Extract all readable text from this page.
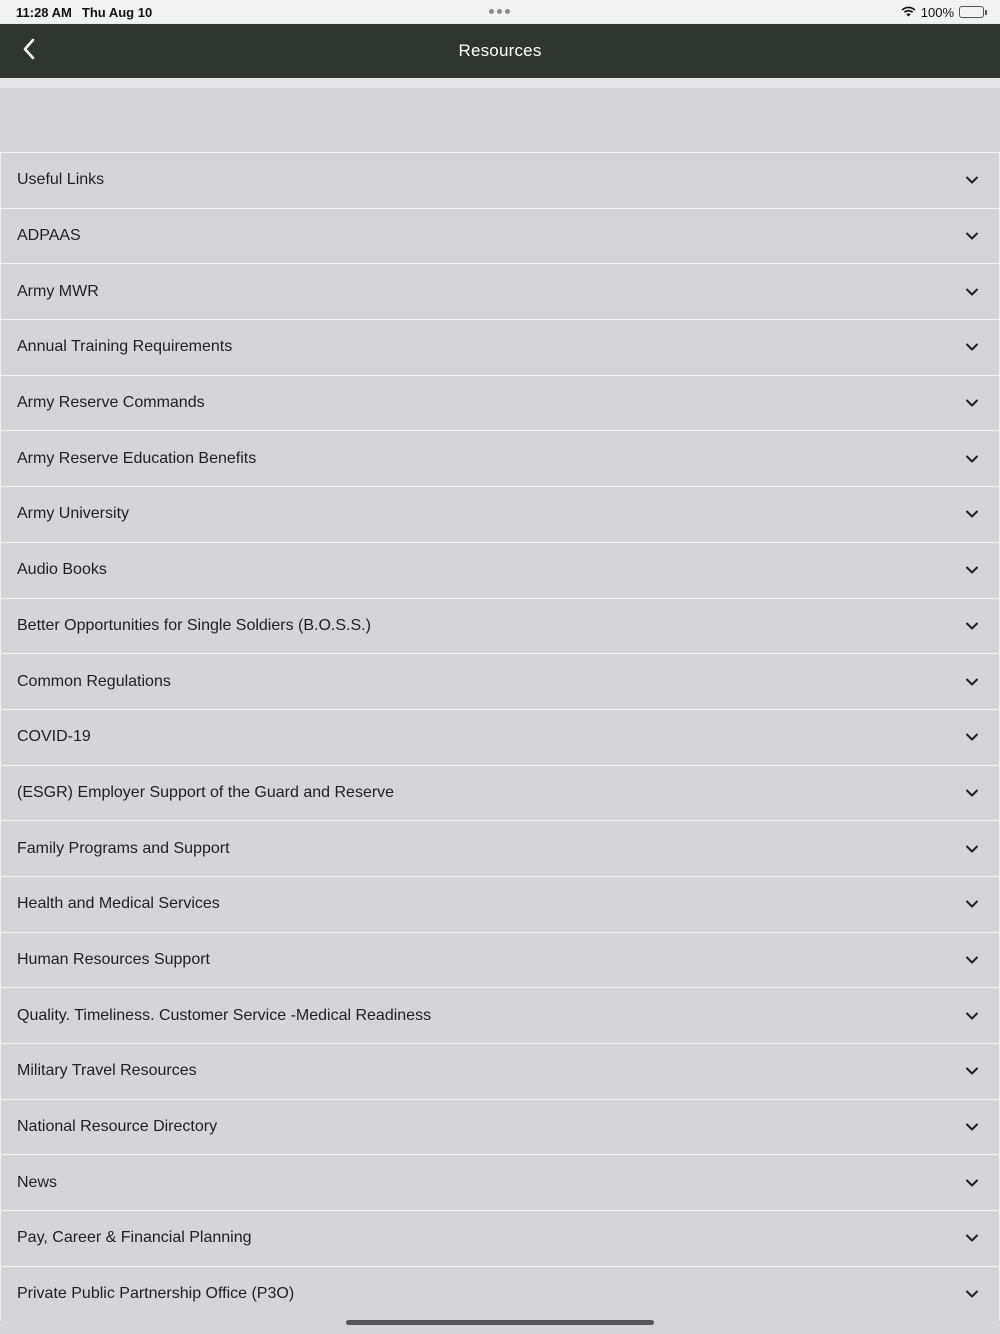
11:28 AM Thu Aug 10	100%
Resources
Useful Links
ADPAAS
Army MWR
Annual Training Requirements
Army Reserve Commands
Army Reserve Education Benefits
Army University
Audio Books
Better Opportunities for Single Soldiers (B.O.S.S.)
Common Regulations
COVID-19
(ESGR) Employer Support of the Guard and Reserve
Family Programs and Support
Health and Medical Services
Human Resources Support
Quality. Timeliness. Customer Service -Medical Readiness
Military Travel Resources
National Resource Directory
News
Pay, Career & Financial Planning
Private Public Partnership Office (P3O)
